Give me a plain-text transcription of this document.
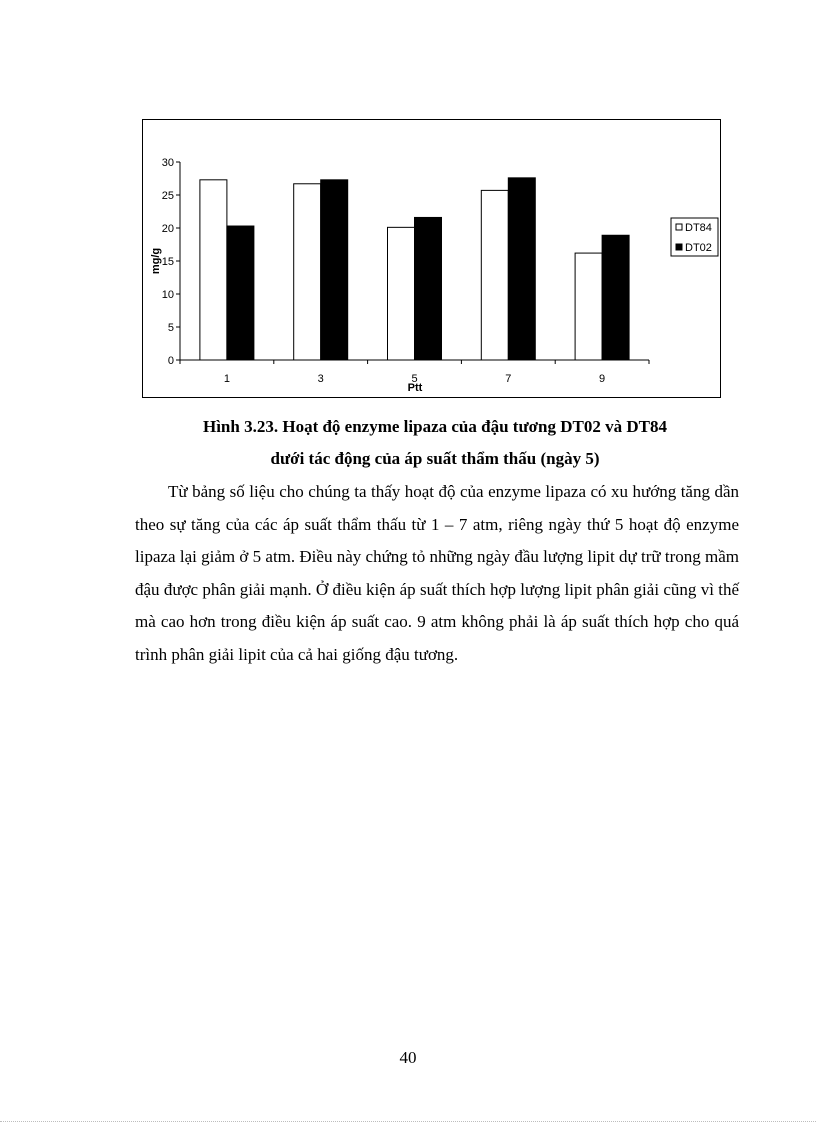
0
5
10
15
20
25
30
1	3	5	7	9
mg/g
Ptt
DT84
DT02
Hình 3.23. Hoạt độ enzyme lipaza của đậu tương DT02 và DT84
dưới tác động của áp suất thẩm thấu (ngày 5)

Từ bảng số liệu cho chúng ta thấy hoạt độ của enzyme lipaza có xu hướng tăng dần theo sự tăng của các áp suất thẩm thấu từ 1 – 7 atm, riêng ngày thứ 5 hoạt độ enzyme lipaza lại giảm ở 5 atm. Điều này chứng tỏ những ngày đầu lượng lipit dự trữ trong mầm đậu được phân giải mạnh. Ở điều kiện áp suất thích hợp lượng lipit phân giải cũng vì thế mà cao hơn trong điều kiện áp suất cao. 9 atm không phải là áp suất thích hợp cho quá trình phân giải lipit của cả hai giống đậu tương.

40
